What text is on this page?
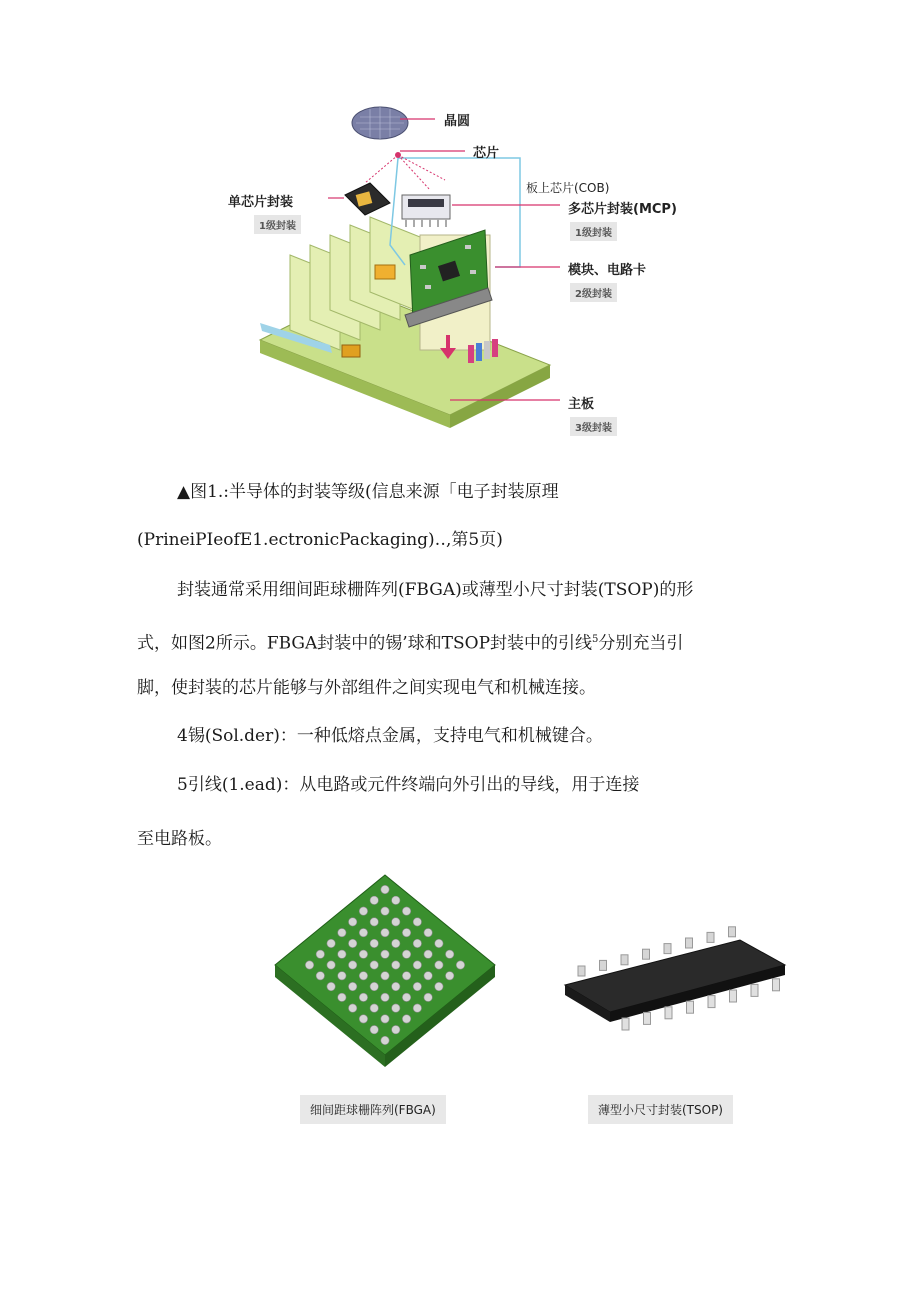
晶圆
芯片
板上芯片(COB)
单芯片封装
1级封装
多芯片封装(MCP)
1级封装
模块、电路卡
2级封装
主板
3级封装
▲图1.:半导体的封装等级(信息来源「电子封装原理
(PrineiPIeofE1.ectronicPackaging)‥,第5页)
封装通常采用细间距球栅阵列(FBGA)或薄型小尺寸封装(TSOP)的形
式，如图2所示。FBGA封装中的锡’球和TSOP封装中的引线$^5$分别充当引
脚，使封装的芯片能够与外部组件之间实现电气和机械连接。
4锡(Sol.der)：一种低熔点金属，支持电气和机械键合。
5引线(1.ead)：从电路或元件终端向外引出的导线，用于连接
至电路板。
细间距球栅阵列(FBGA)	薄型小尺寸封装(TSOP)
